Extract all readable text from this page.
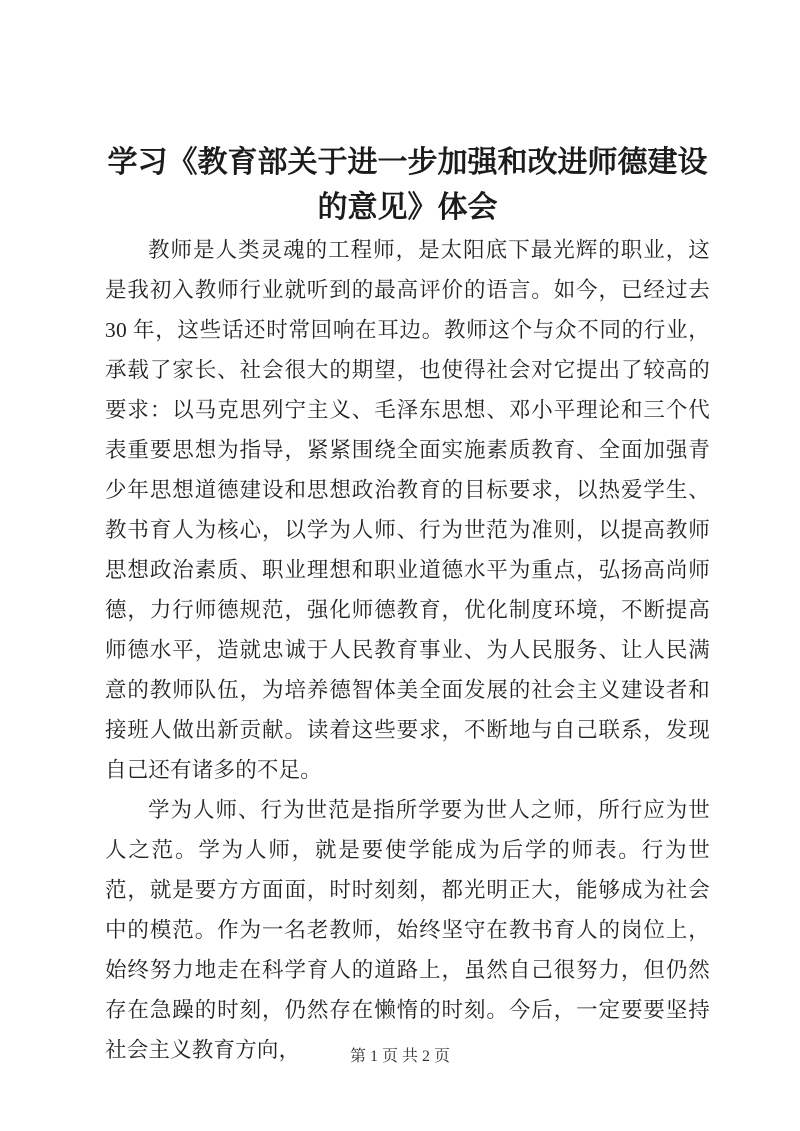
学习《教育部关于进一步加强和改进师德建设的意见》体会

教师是人类灵魂的工程师，是太阳底下最光辉的职业，这是我初入教师行业就听到的最高评价的语言。如今，已经过去 30 年，这些话还时常回响在耳边。教师这个与众不同的行业，承载了家长、社会很大的期望，也使得社会对它提出了较高的要求：以马克思列宁主义、毛泽东思想、邓小平理论和三个代表重要思想为指导，紧紧围绕全面实施素质教育、全面加强青少年思想道德建设和思想政治教育的目标要求，以热爱学生、教书育人为核心，以学为人师、行为世范为准则，以提高教师思想政治素质、职业理想和职业道德水平为重点，弘扬高尚师德，力行师德规范，强化师德教育，优化制度环境，不断提高师德水平，造就忠诚于人民教育事业、为人民服务、让人民满意的教师队伍，为培养德智体美全面发展的社会主义建设者和接班人做出新贡献。读着这些要求，不断地与自己联系，发现自己还有诸多的不足。

学为人师、行为世范是指所学要为世人之师，所行应为世人之范。学为人师，就是要使学能成为后学的师表。行为世范，就是要方方面面，时时刻刻，都光明正大，能够成为社会中的模范。作为一名老教师，始终坚守在教书育人的岗位上，始终努力地走在科学育人的道路上，虽然自己很努力，但仍然存在急躁的时刻，仍然存在懒惰的时刻。今后，一定要要坚持社会主义教育方向，	第 1 页 共 2 页
